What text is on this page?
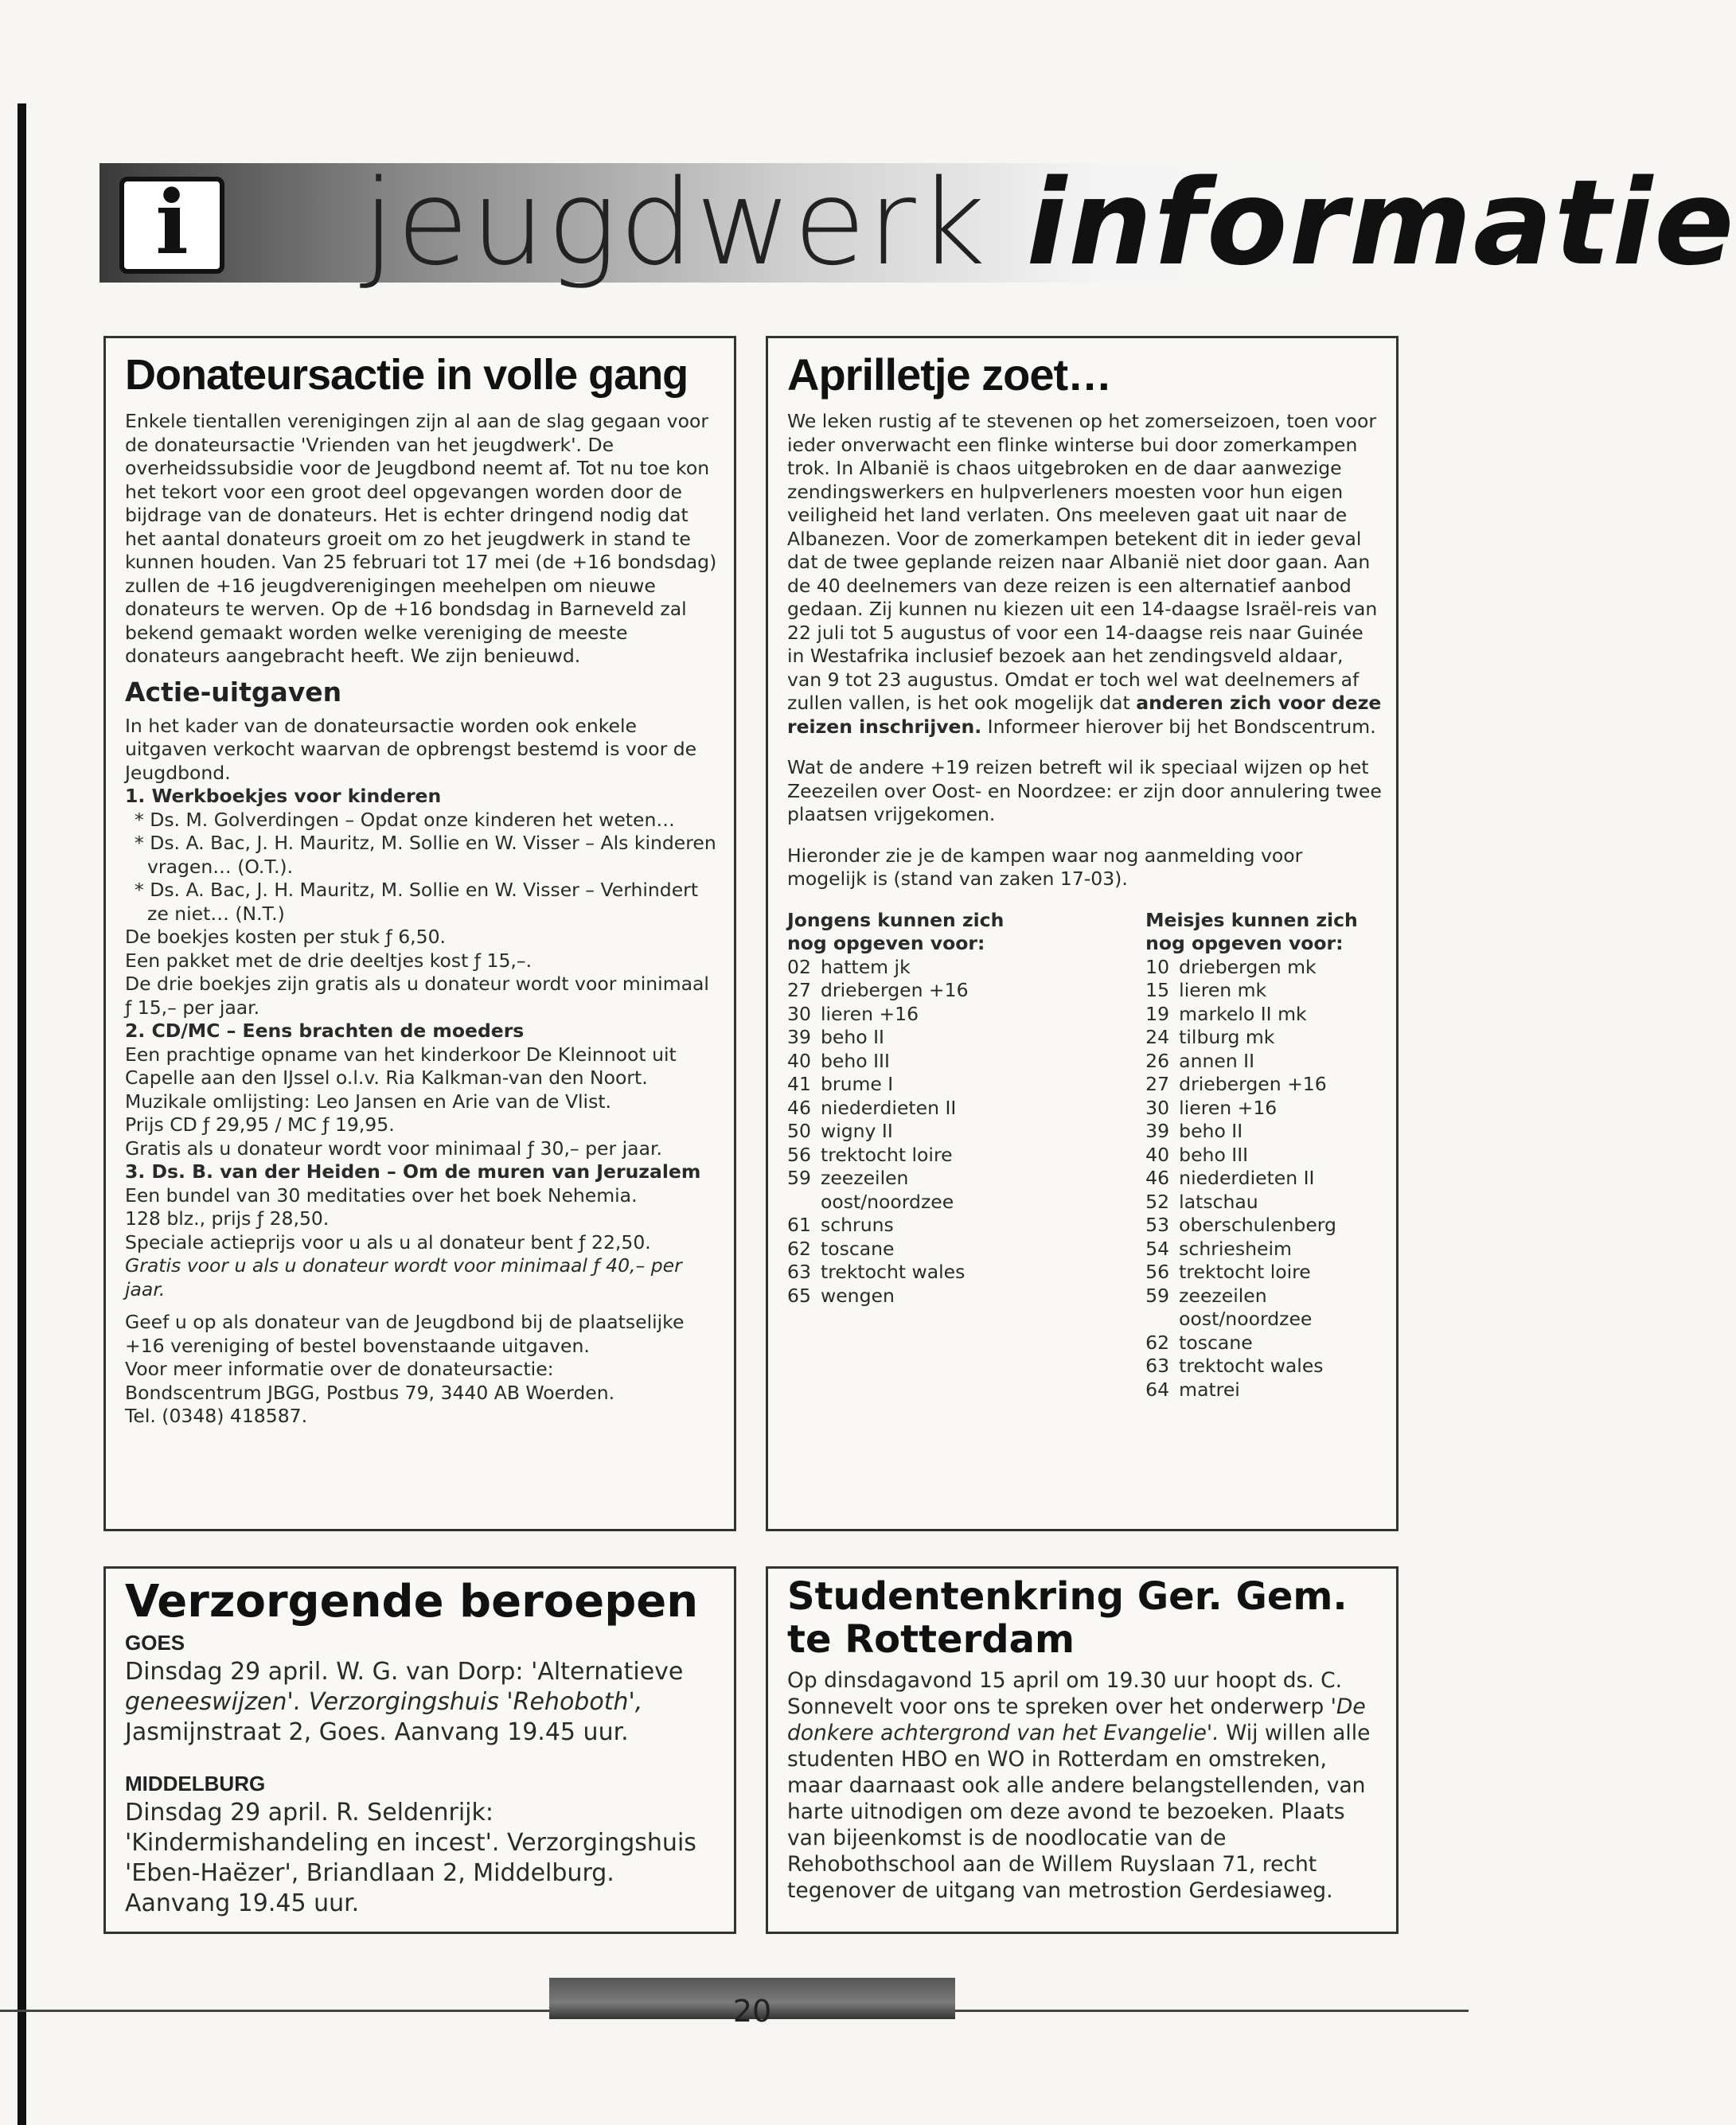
i	jeugdwerk informatie
Donateursactie in volle gang

Enkele tientallen verenigingen zijn al aan de slag gegaan voor de donateursactie 'Vrienden van het jeugdwerk'. De overheidssubsidie voor de Jeugdbond neemt af. Tot nu toe kon het tekort voor een groot deel opgevangen worden door de bijdrage van de donateurs. Het is echter dringend nodig dat het aantal donateurs groeit om zo het jeugdwerk in stand te kunnen houden. Van 25 februari tot 17 mei (de +16 bondsdag) zullen de +16 jeugdverenigingen meehelpen om nieuwe donateurs te werven. Op de +16 bondsdag in Barneveld zal bekend gemaakt worden welke vereniging de meeste donateurs aangebracht heeft. We zijn benieuwd.

Actie-uitgaven

In het kader van de donateursactie worden ook enkele uitgaven verkocht waarvan de opbrengst bestemd is voor de Jeugdbond.

1. Werkboekjes voor kinderen

* Ds. M. Golverdingen – Opdat onze kinderen het weten…

* Ds. A. Bac, J. H. Mauritz, M. Sollie en W. Visser – Als kinderen vragen… (O.T.).

* Ds. A. Bac, J. H. Mauritz, M. Sollie en W. Visser – Verhindert ze niet… (N.T.)

De boekjes kosten per stuk ƒ 6,50.

Een pakket met de drie deeltjes kost ƒ 15,–.

De drie boekjes zijn gratis als u donateur wordt voor minimaal ƒ 15,– per jaar.

2. CD/MC – Eens brachten de moeders

Een prachtige opname van het kinderkoor De Kleinnoot uit Capelle aan den IJssel o.l.v. Ria Kalkman-van den Noort.

Muzikale omlijsting: Leo Jansen en Arie van de Vlist.

Prijs CD ƒ 29,95 / MC ƒ 19,95.

Gratis als u donateur wordt voor minimaal ƒ 30,– per jaar.

3. Ds. B. van der Heiden – Om de muren van Jeruzalem

Een bundel van 30 meditaties over het boek Nehemia.

128 blz., prijs ƒ 28,50.

Speciale actieprijs voor u als u al donateur bent ƒ 22,50.

Gratis voor u als u donateur wordt voor minimaal ƒ 40,– per jaar.

Geef u op als donateur van de Jeugdbond bij de plaatselijke +16 vereniging of bestel bovenstaande uitgaven.

Voor meer informatie over de donateursactie:

Bondscentrum JBGG, Postbus 79, 3440 AB Woerden.

Tel. (0348) 418587.

Aprilletje zoet…

We leken rustig af te stevenen op het zomerseizoen, toen voor ieder onverwacht een flinke winterse bui door zomerkampen trok. In Albanië is chaos uitgebroken en de daar aanwezige zendingswerkers en hulpverleners moesten voor hun eigen veiligheid het land verlaten. Ons meeleven gaat uit naar de Albanezen. Voor de zomerkampen betekent dit in ieder geval dat de twee geplande reizen naar Albanië niet door gaan. Aan de 40 deelnemers van deze reizen is een alternatief aanbod gedaan. Zij kunnen nu kiezen uit een 14-daagse Israël-reis van 22 juli tot 5 augustus of voor een 14-daagse reis naar Guinée in Westafrika inclusief bezoek aan het zendingsveld aldaar, van 9 tot 23 augustus. Omdat er toch wel wat deelnemers af zullen vallen, is het ook mogelijk dat anderen zich voor deze reizen inschrijven. Informeer hierover bij het Bondscentrum.

Wat de andere +19 reizen betreft wil ik speciaal wijzen op het Zeezeilen over Oost- en Noordzee: er zijn door annulering twee plaatsen vrijgekomen.

Hieronder zie je de kampen waar nog aanmelding voor mogelijk is (stand van zaken 17-03).

Jongens kunnen zich nog opgeven voor:

02 hattem jk
27 driebergen +16
30 lieren +16
39 beho II
40 beho III
41 brume I
46 niederdieten II
50 wigny II
56 trektocht loire
59 zeezeilen oost/noordzee
61 schruns
62 toscane
63 trektocht wales
65 wengen

Meisjes kunnen zich nog opgeven voor:

10 driebergen mk
15 lieren mk
19 markelo II mk
24 tilburg mk
26 annen II
27 driebergen +16
30 lieren +16
39 beho II
40 beho III
46 niederdieten II
52 latschau
53 oberschulenberg
54 schriesheim
56 trektocht loire
59 zeezeilen oost/noordzee
62 toscane
63 trektocht wales
64 matrei
Verzorgende beroepen
GOES
Dinsdag 29 april. W. G. van Dorp: 'Alternatieve
geneeswijzen'. Verzorgingshuis 'Rehoboth',
Jasmijnstraat 2, Goes. Aanvang 19.45 uur.
MIDDELBURG
Dinsdag 29 april. R. Seldenrijk: 'Kindermishandeling en incest'. Verzorgingshuis 'Eben-Haëzer', Briandlaan 2, Middelburg. Aanvang 19.45 uur.
Studentenkring Ger. Gem.
te Rotterdam
Op dinsdagavond 15 april om 19.30 uur hoopt ds. C. Sonnevelt voor ons te spreken over het onderwerp 'De donkere achtergrond van het Evangelie'. Wij willen alle studenten HBO en WO in Rotterdam en omstreken, maar daarnaast ook alle andere belangstellenden, van harte uitnodigen om deze avond te bezoeken. Plaats van bijeenkomst is de noodlocatie van de Rehobothschool aan de Willem Ruyslaan 71, recht tegenover de uitgang van metrostion Gerdesiaweg.
20
